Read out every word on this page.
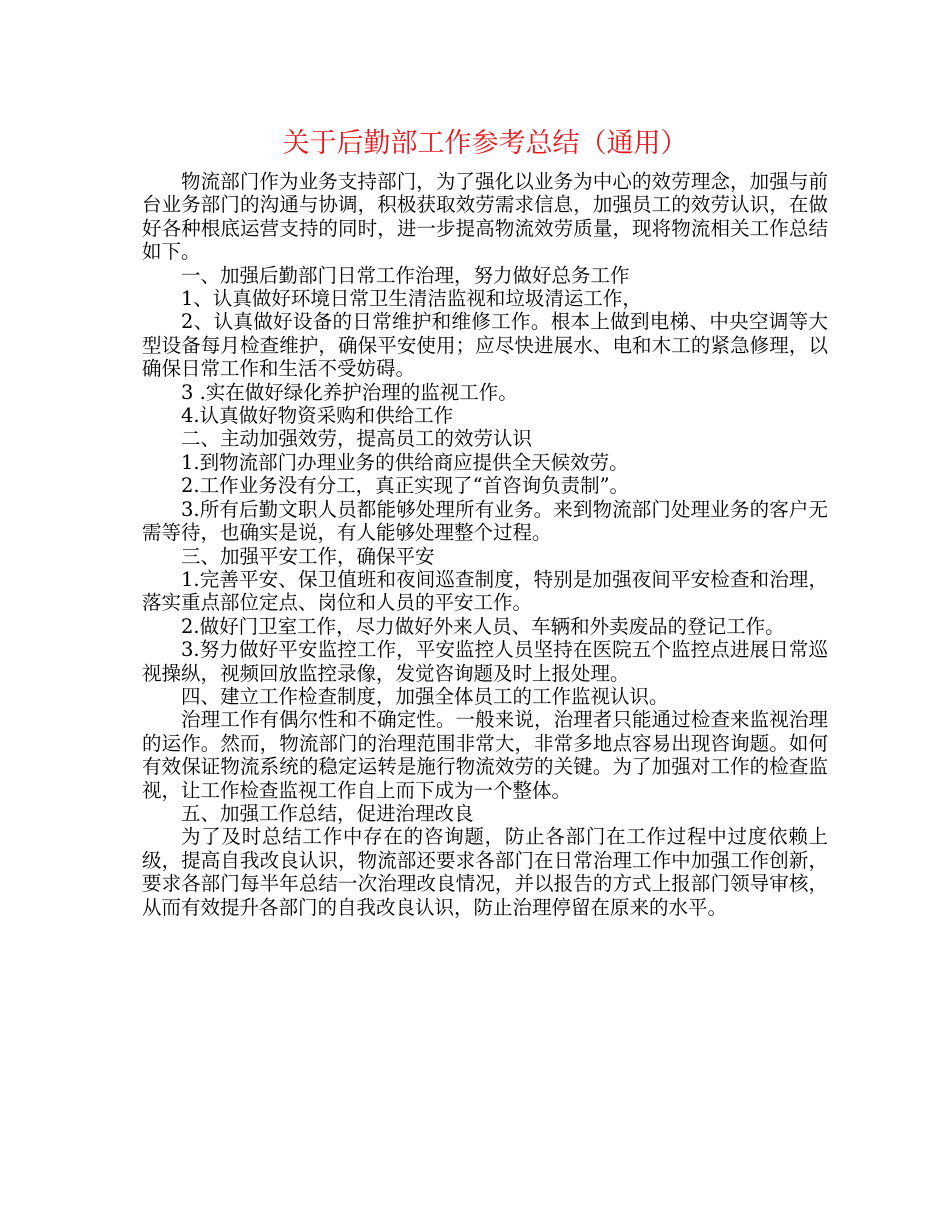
关于后勤部工作参考总结（通用）

物流部门作为业务支持部门，为了强化以业务为中心的效劳理念，加强与前台业务部门的沟通与协调，积极获取效劳需求信息，加强员工的效劳认识，在做好各种根底运营支持的同时，进一步提高物流效劳质量，现将物流相关工作总结如下。

一、加强后勤部门日常工作治理，努力做好总务工作

1、认真做好环境日常卫生清洁监视和垃圾清运工作，

2、认真做好设备的日常维护和维修工作。根本上做到电梯、中央空调等大型设备每月检查维护，确保平安使用；应尽快进展水、电和木工的紧急修理，以确保日常工作和生活不受妨碍。

3 .实在做好绿化养护治理的监视工作。

4.认真做好物资采购和供给工作

二、主动加强效劳，提高员工的效劳认识

1.到物流部门办理业务的供给商应提供全天候效劳。

2.工作业务没有分工，真正实现了“首咨询负责制”。

3.所有后勤文职人员都能够处理所有业务。来到物流部门处理业务的客户无需等待，也确实是说，有人能够处理整个过程。

三、加强平安工作，确保平安

1.完善平安、保卫值班和夜间巡查制度，特别是加强夜间平安检查和治理，落实重点部位定点、岗位和人员的平安工作。

2.做好门卫室工作，尽力做好外来人员、车辆和外卖废品的登记工作。

3.努力做好平安监控工作，平安监控人员坚持在医院五个监控点进展日常巡视操纵，视频回放监控录像，发觉咨询题及时上报处理。

四、建立工作检查制度，加强全体员工的工作监视认识。

治理工作有偶尔性和不确定性。一般来说，治理者只能通过检查来监视治理的运作。然而，物流部门的治理范围非常大，非常多地点容易出现咨询题。如何有效保证物流系统的稳定运转是施行物流效劳的关键。为了加强对工作的检查监视，让工作检查监视工作自上而下成为一个整体。

五、加强工作总结，促进治理改良

为了及时总结工作中存在的咨询题，防止各部门在工作过程中过度依赖上级，提高自我改良认识，物流部还要求各部门在日常治理工作中加强工作创新，要求各部门每半年总结一次治理改良情况，并以报告的方式上报部门领导审核，从而有效提升各部门的自我改良认识，防止治理停留在原来的水平。
